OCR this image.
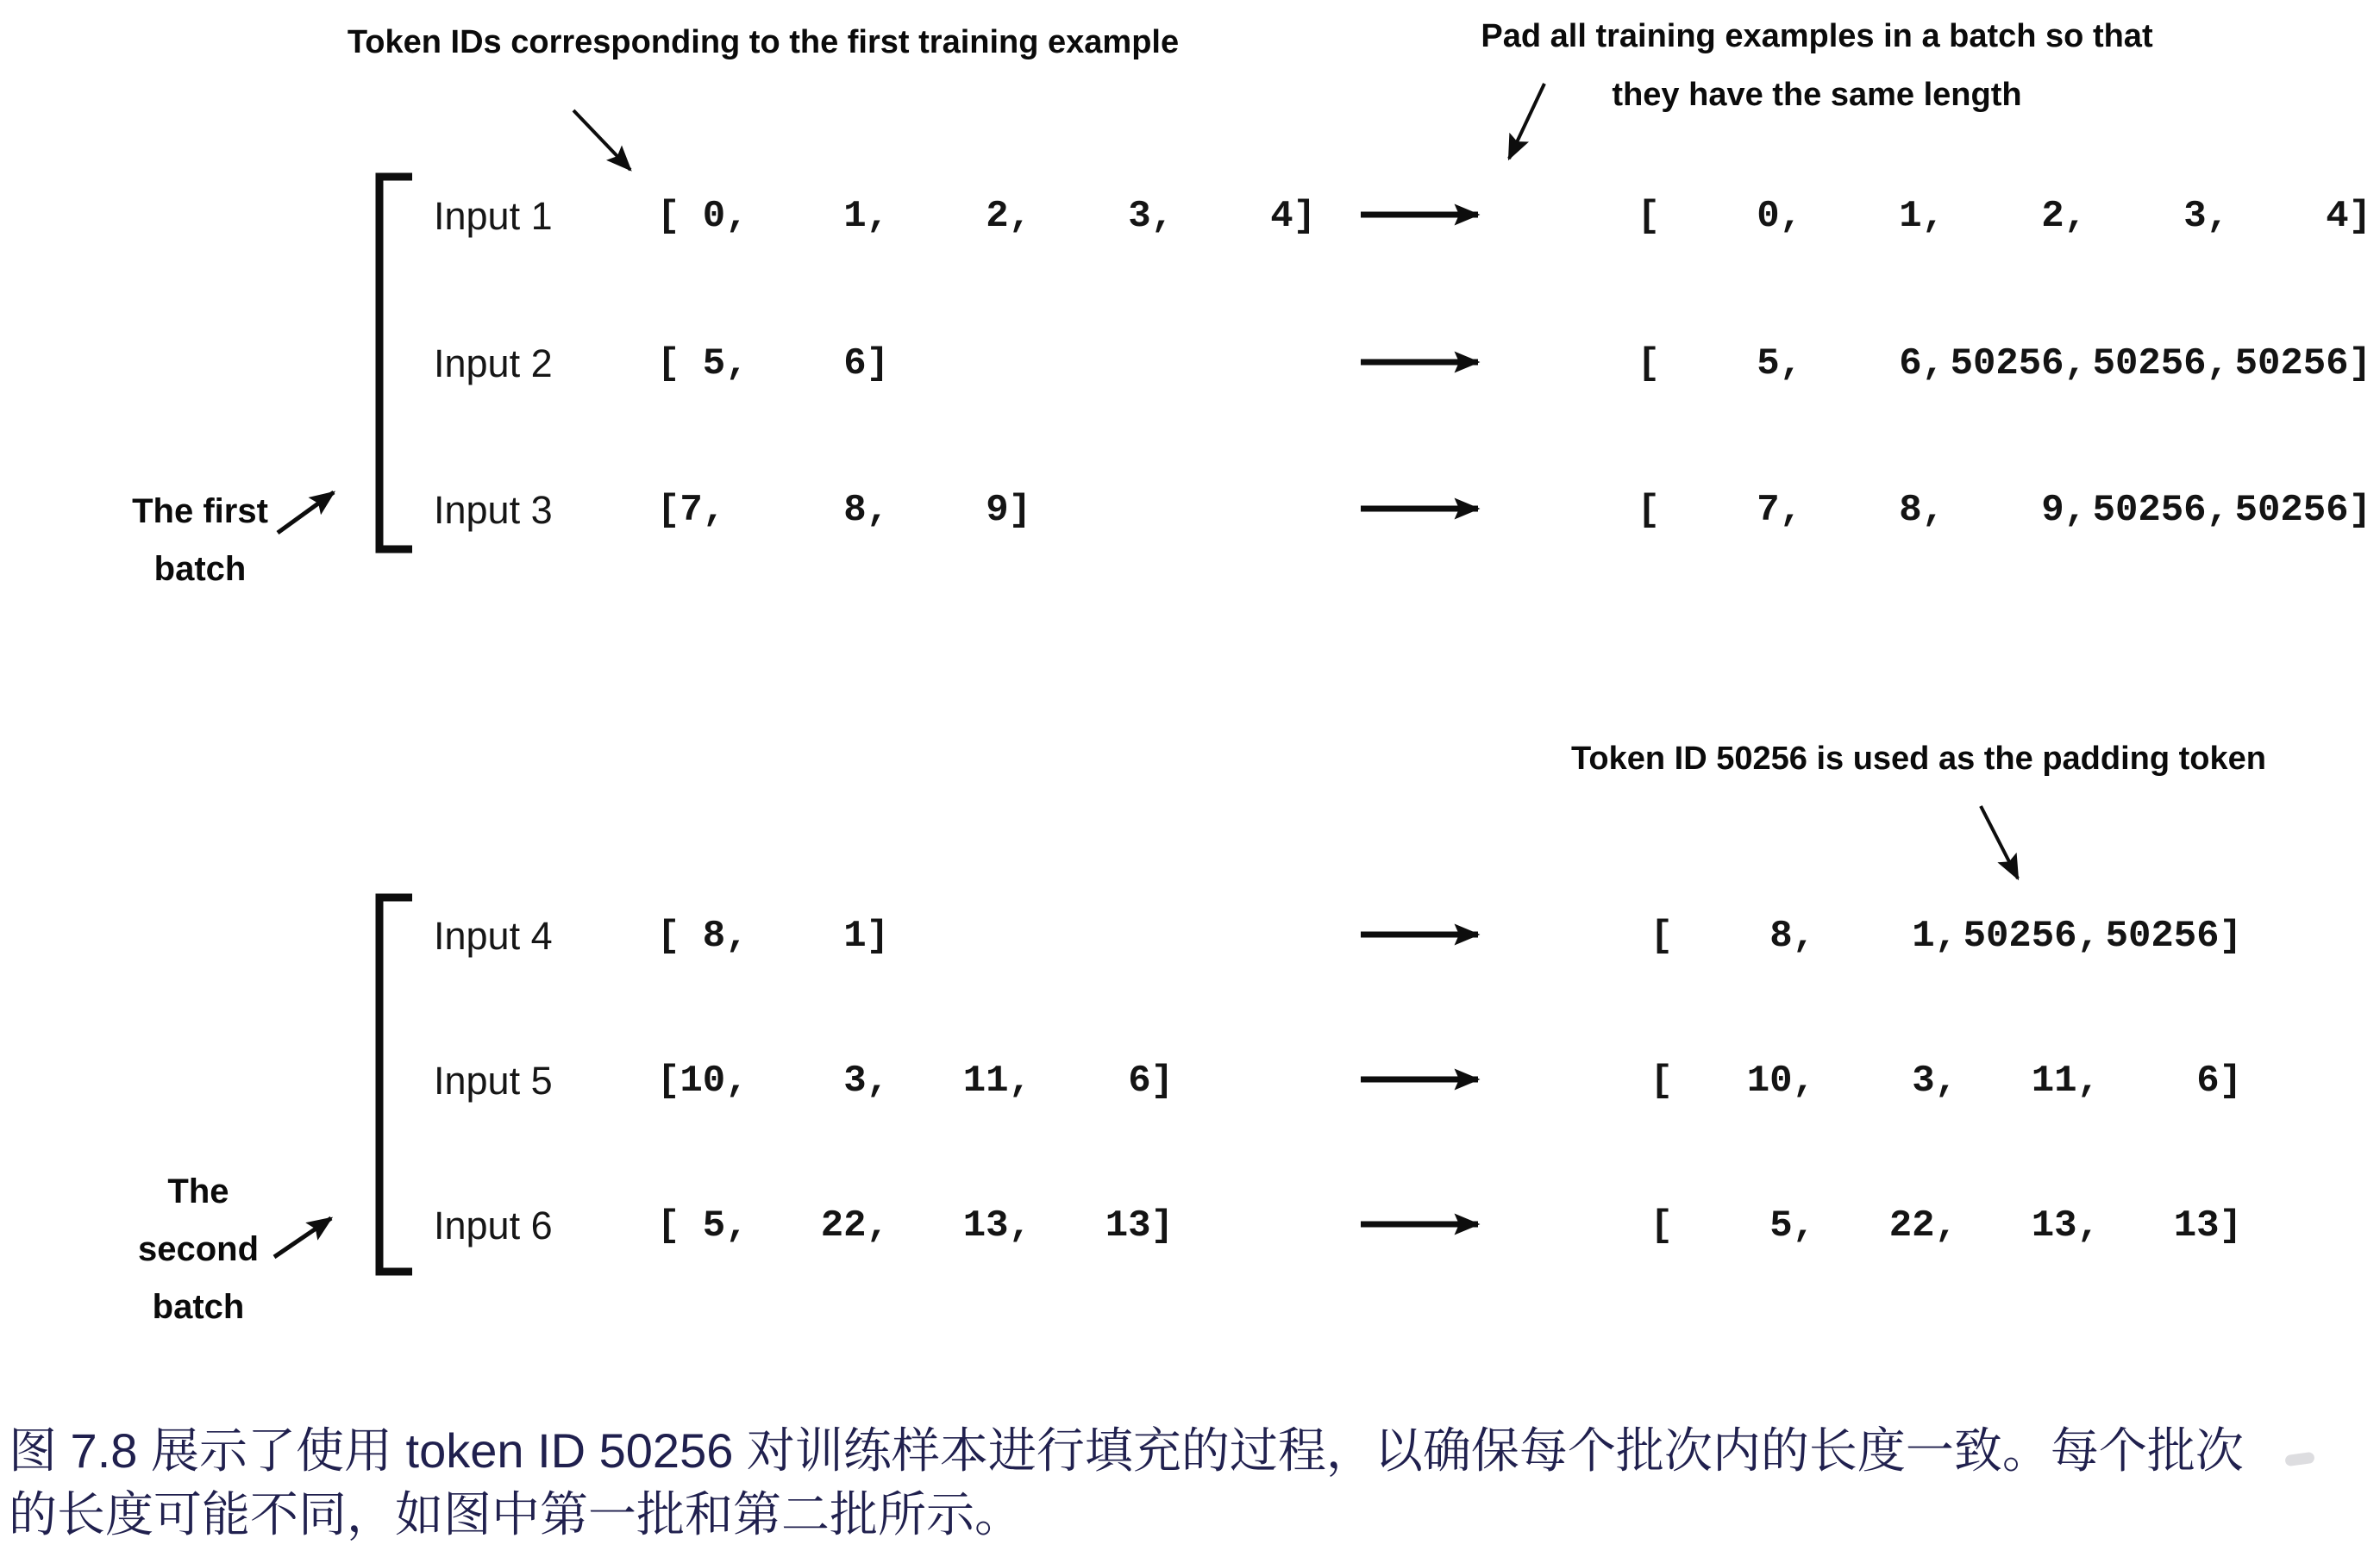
Token IDs corresponding to the first training example	Pad all training examples in a batch so that
they have the same length
Token ID 50256 is used as the padding token
The first
batch
The
second
batch
Input 1	[ 0,	1,	2,	3,	4]	[	0,	1,	2,	3,	4]
Input 2	[ 5,	6]	[	5,	6, 50256, 50256, 50256]
Input 3	[7,	8,	9]	[	7,	8,	9, 50256, 50256]
Input 4	[ 8,	1]	[	8,	1, 50256, 50256]
Input 5	[10,	3,	11,	6]	[	10,	3,	11,	6]
Input 6	[ 5,	22,	13,	13]	[	5,	22,	13,	13]
图 7.8 展示了使用 token ID 50256 对训练样本进行填充的过程，以确保每个批次内的长度一致。每个批次
的长度可能不同，如图中第一批和第二批所示。
